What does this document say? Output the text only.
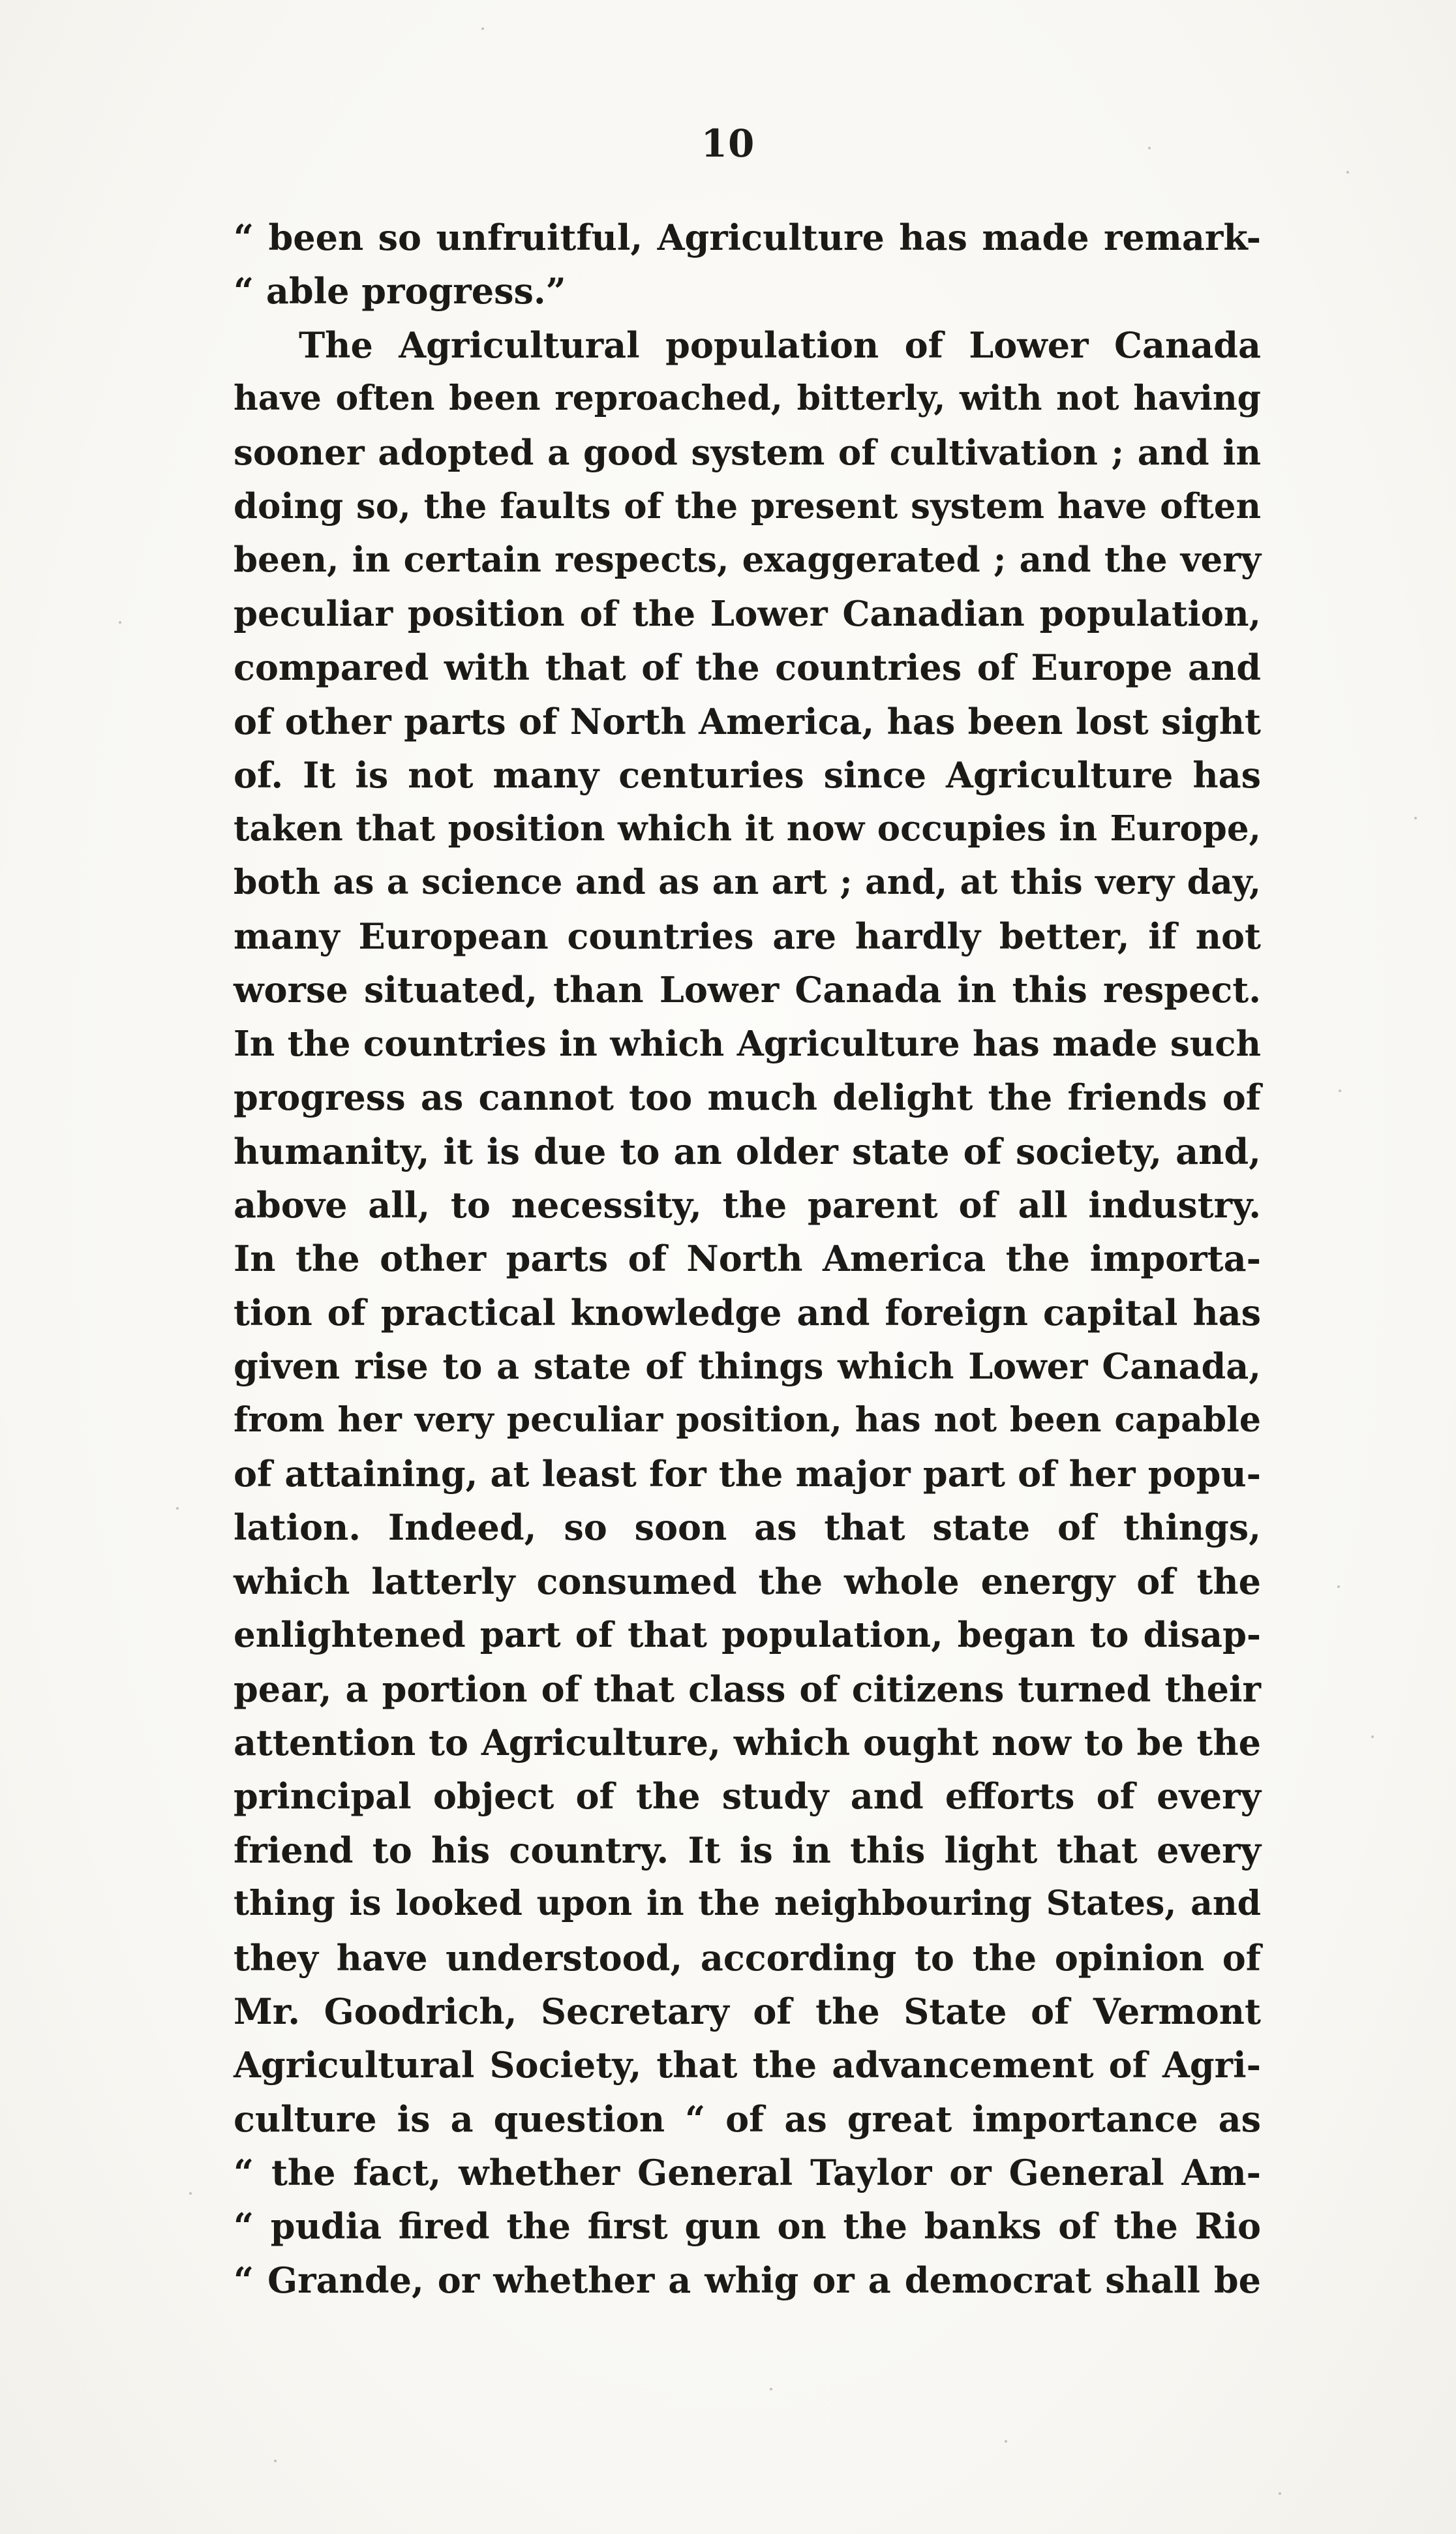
10
“ been so unfruitful, Agriculture has made remark-
“ able progress.”
The Agricultural population of Lower Canada
have often been reproached, bitterly, with not having
sooner adopted a good system of cultivation ; and in
doing so, the faults of the present system have often
been, in certain respects, exaggerated ; and the very
peculiar position of the Lower Canadian population,
compared with that of the countries of Europe and
of other parts of North America, has been lost sight
of. It is not many centuries since Agriculture has
taken that position which it now occupies in Europe,
both as a science and as an art ; and, at this very day,
many European countries are hardly better, if not
worse situated, than Lower Canada in this respect.
In the countries in which Agriculture has made such
progress as cannot too much delight the friends of
humanity, it is due to an older state of society, and,
above all, to necessity, the parent of all industry.
In the other parts of North America the importa-
tion of practical knowledge and foreign capital has
given rise to a state of things which Lower Canada,
from her very peculiar position, has not been capable
of attaining, at least for the major part of her popu-
lation. Indeed, so soon as that state of things,
which latterly consumed the whole energy of the
enlightened part of that population, began to disap-
pear, a portion of that class of citizens turned their
attention to Agriculture, which ought now to be the
principal object of the study and efforts of every
friend to his country. It is in this light that every
thing is looked upon in the neighbouring States, and
they have understood, according to the opinion of
Mr. Goodrich, Secretary of the State of Vermont
Agricultural Society, that the advancement of Agri-
culture is a question “ of as great importance as
“ the fact, whether General Taylor or General Am-
“ pudia fired the first gun on the banks of the Rio
“ Grande, or whether a whig or a democrat shall be
